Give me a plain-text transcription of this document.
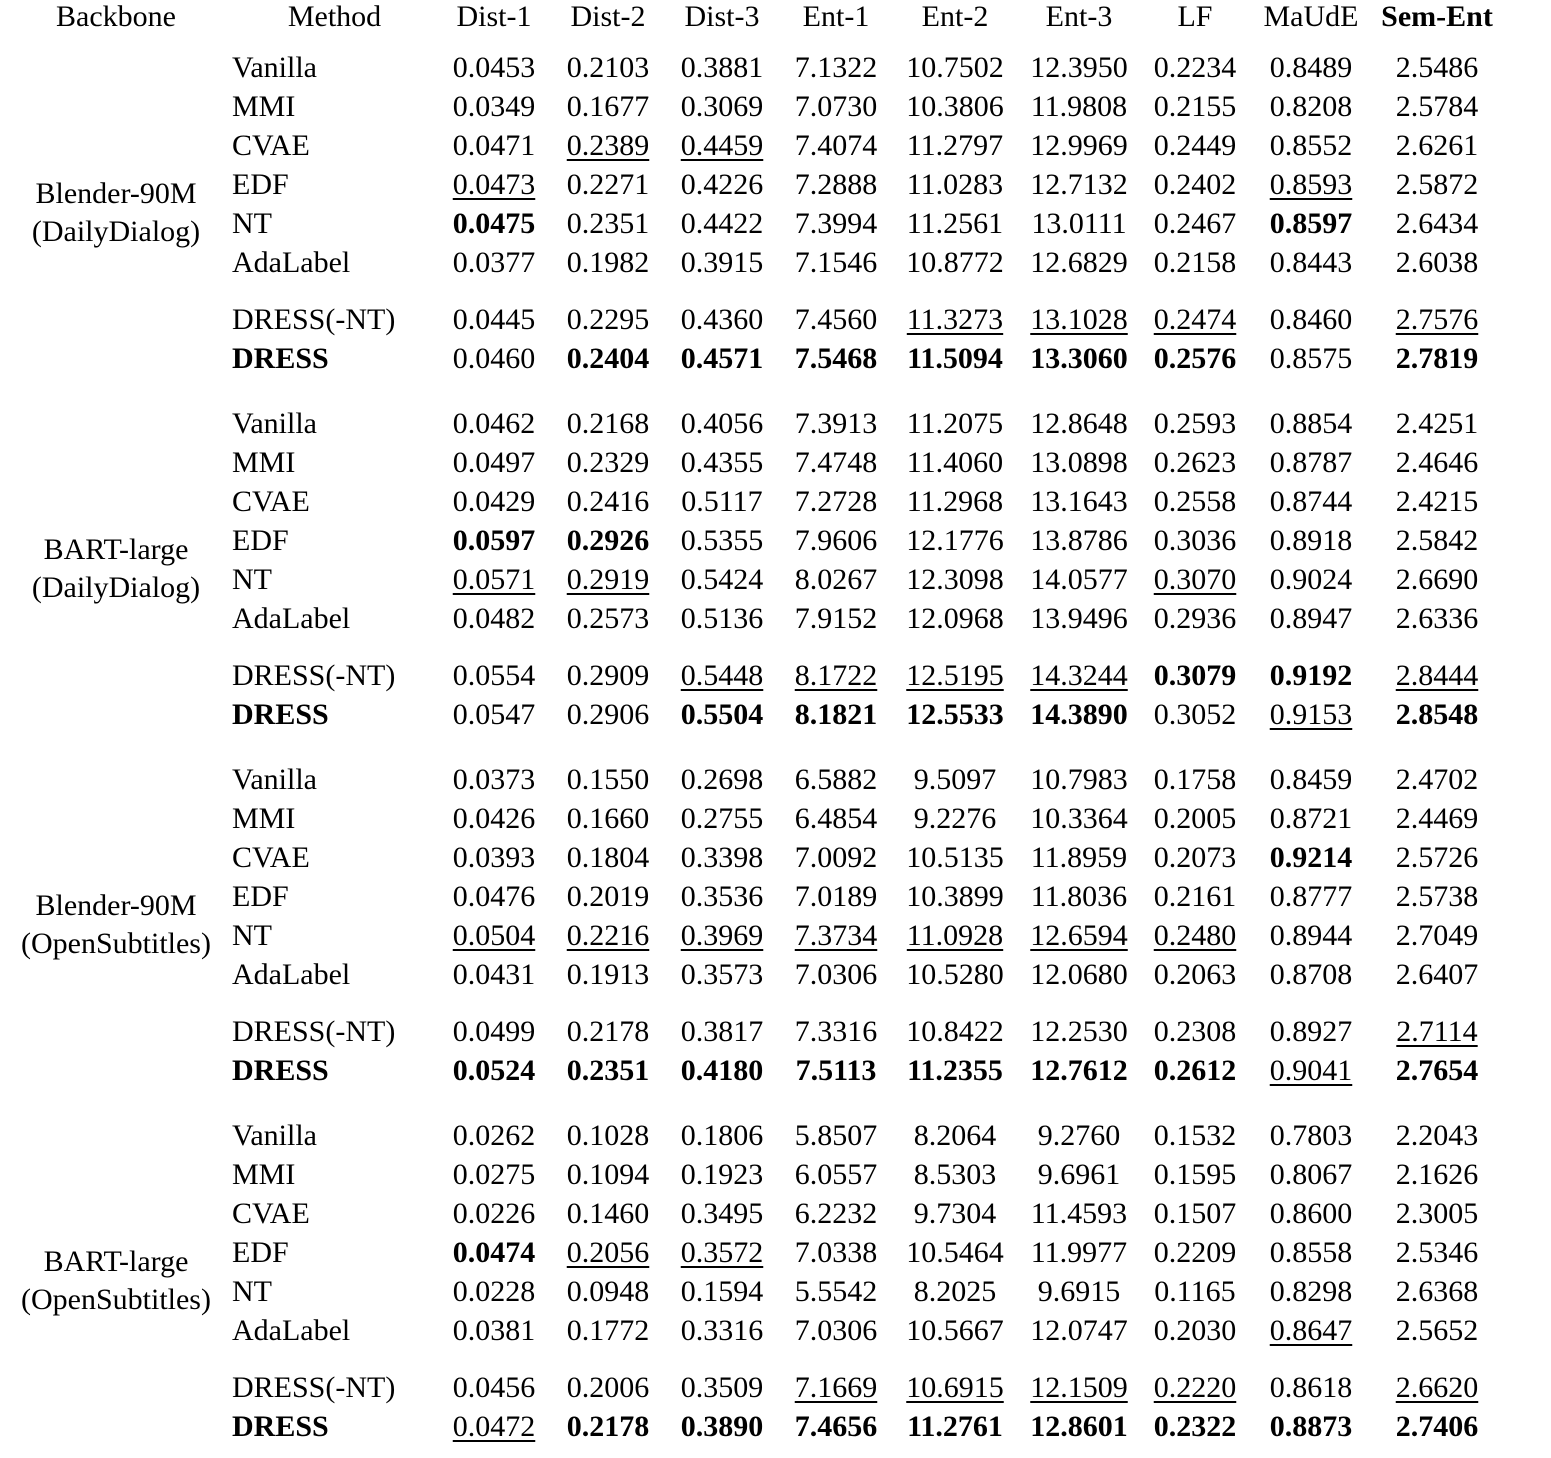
Backbone	Method	Dist-1	Dist-2	Dist-3	Ent-1	Ent-2	Ent-3	LF	MaUdE	Sem-Ent

Blender-90M
(DailyDialog)	Vanilla	0.0453	0.2103	0.3881	7.1322	10.7502	12.3950	0.2234	0.8489	2.5486
	MMI	0.0349	0.1677	0.3069	7.0730	10.3806	11.9808	0.2155	0.8208	2.5784
	CVAE	0.0471	0.2389	0.4459	7.4074	11.2797	12.9969	0.2449	0.8552	2.6261
	EDF	0.0473	0.2271	0.4226	7.2888	11.0283	12.7132	0.2402	0.8593	2.5872
	NT	0.0475	0.2351	0.4422	7.3994	11.2561	13.0111	0.2467	0.8597	2.6434
	AdaLabel	0.0377	0.1982	0.3915	7.1546	10.8772	12.6829	0.2158	0.8443	2.6038

	DRESS(-NT)	0.0445	0.2295	0.4360	7.4560	11.3273	13.1028	0.2474	0.8460	2.7576
	DRESS	0.0460	0.2404	0.4571	7.5468	11.5094	13.3060	0.2576	0.8575	2.7819

BART-large
(DailyDialog)	Vanilla	0.0462	0.2168	0.4056	7.3913	11.2075	12.8648	0.2593	0.8854	2.4251
	MMI	0.0497	0.2329	0.4355	7.4748	11.4060	13.0898	0.2623	0.8787	2.4646
	CVAE	0.0429	0.2416	0.5117	7.2728	11.2968	13.1643	0.2558	0.8744	2.4215
	EDF	0.0597	0.2926	0.5355	7.9606	12.1776	13.8786	0.3036	0.8918	2.5842
	NT	0.0571	0.2919	0.5424	8.0267	12.3098	14.0577	0.3070	0.9024	2.6690
	AdaLabel	0.0482	0.2573	0.5136	7.9152	12.0968	13.9496	0.2936	0.8947	2.6336

	DRESS(-NT)	0.0554	0.2909	0.5448	8.1722	12.5195	14.3244	0.3079	0.9192	2.8444
	DRESS	0.0547	0.2906	0.5504	8.1821	12.5533	14.3890	0.3052	0.9153	2.8548

Blender-90M
(OpenSubtitles)	Vanilla	0.0373	0.1550	0.2698	6.5882	9.5097	10.7983	0.1758	0.8459	2.4702
	MMI	0.0426	0.1660	0.2755	6.4854	9.2276	10.3364	0.2005	0.8721	2.4469
	CVAE	0.0393	0.1804	0.3398	7.0092	10.5135	11.8959	0.2073	0.9214	2.5726
	EDF	0.0476	0.2019	0.3536	7.0189	10.3899	11.8036	0.2161	0.8777	2.5738
	NT	0.0504	0.2216	0.3969	7.3734	11.0928	12.6594	0.2480	0.8944	2.7049
	AdaLabel	0.0431	0.1913	0.3573	7.0306	10.5280	12.0680	0.2063	0.8708	2.6407

	DRESS(-NT)	0.0499	0.2178	0.3817	7.3316	10.8422	12.2530	0.2308	0.8927	2.7114
	DRESS	0.0524	0.2351	0.4180	7.5113	11.2355	12.7612	0.2612	0.9041	2.7654

BART-large
(OpenSubtitles)	Vanilla	0.0262	0.1028	0.1806	5.8507	8.2064	9.2760	0.1532	0.7803	2.2043
	MMI	0.0275	0.1094	0.1923	6.0557	8.5303	9.6961	0.1595	0.8067	2.1626
	CVAE	0.0226	0.1460	0.3495	6.2232	9.7304	11.4593	0.1507	0.8600	2.3005
	EDF	0.0474	0.2056	0.3572	7.0338	10.5464	11.9977	0.2209	0.8558	2.5346
	NT	0.0228	0.0948	0.1594	5.5542	8.2025	9.6915	0.1165	0.8298	2.6368
	AdaLabel	0.0381	0.1772	0.3316	7.0306	10.5667	12.0747	0.2030	0.8647	2.5652

	DRESS(-NT)	0.0456	0.2006	0.3509	7.1669	10.6915	12.1509	0.2220	0.8618	2.6620
	DRESS	0.0472	0.2178	0.3890	7.4656	11.2761	12.8601	0.2322	0.8873	2.7406
